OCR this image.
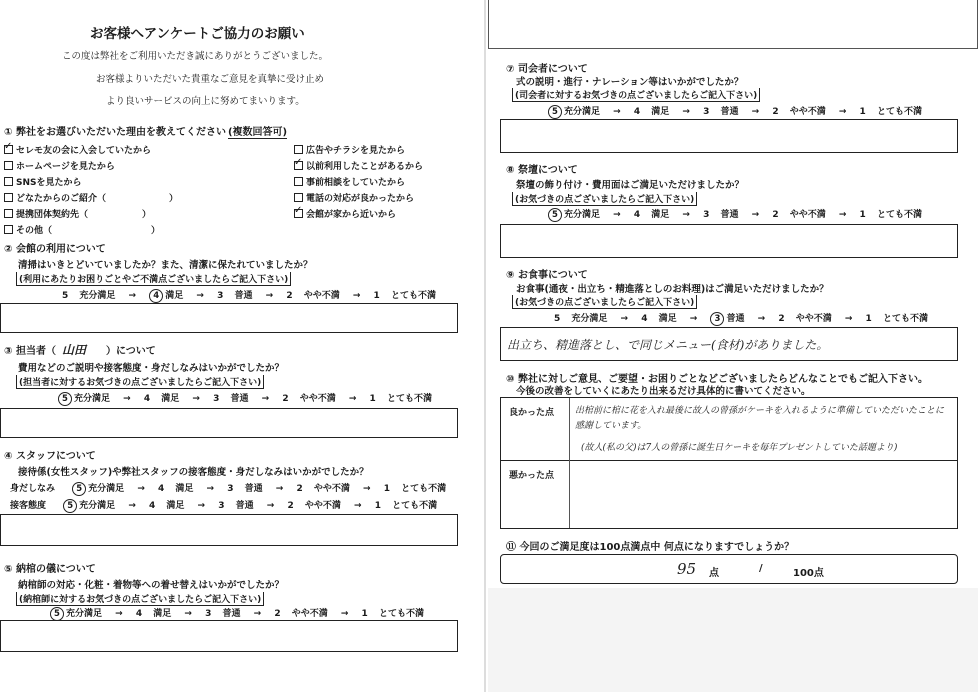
お客様へアンケートご協力のお願い
この度は弊社をご利用いただき誠にありがとうございました。
お客様よりいただいた貴重なご意見を真摯に受け止め
より良いサービスの向上に努めてまいります。
① 弊社をお選びいただいた理由を教えてください (複数回答可)
✓セレモ友の会に入会していたから
ホームページを見たから
SNSを見たから
どなたからのご紹介（　　　　　　　）
提携団体契約先（　　　　　　）
その他（　　　　　　　　　　　）
広告やチラシを見たから
✓以前利用したことがあるから
事前相談をしていたから
電話の対応が良かったから
✓会館が家から近いから
② 会館の利用について
清掃はいきとどいていましたか？また、清潔に保たれていましたか？
(利用にあたりお困りごとやご不満点ございましたらご記入下さい)
5 充分満足 → 4 満足 → 3 普通 → 2 やや不満 → 1 とても不満
③ 担当者（ 山田 ）について
費用などのご説明や接客態度・身だしなみはいかがでしたか？
(担当者に対するお気づきの点ございましたらご記入下さい)
5 充分満足 → 4 満足 → 3 普通 → 2 やや不満 → 1 とても不満
④ スタッフについて
接待係(女性スタッフ)や弊社スタッフの接客態度・身だしなみはいかがでしたか？
身だしなみ 5 充分満足 → 4 満足 → 3 普通 → 2 やや不満 → 1 とても不満
接客態度 5 充分満足 → 4 満足 → 3 普通 → 2 やや不満 → 1 とても不満
⑤ 納棺の儀について
納棺師の対応・化粧・着物等への着せ替えはいかがでしたか？
(納棺師に対するお気づきの点ございましたらご記入下さい)
5 充分満足 → 4 満足 → 3 普通 → 2 やや不満 → 1 とても不満
⑦ 司会者について
式の説明・進行・ナレーション等はいかがでしたか？
(司会者に対するお気づきの点ございましたらご記入下さい)
5 充分満足 → 4 満足 → 3 普通 → 2 やや不満 → 1 とても不満
⑧ 祭壇について
祭壇の飾り付け・費用面はご満足いただけましたか？
(お気づきの点ございましたらご記入下さい)
5 充分満足 → 4 満足 → 3 普通 → 2 やや不満 → 1 とても不満
⑨ お食事について
お食事(通夜・出立ち・精進落としのお料理)はご満足いただけましたか？
(お気づきの点ございましたらご記入下さい)
5 充分満足 → 4 満足 → 3 普通 → 2 やや不満 → 1 とても不満
出立ち、精進落とし、で同じメニュー(食材)がありました。
⑩ 弊社に対しご意見、ご要望・お困りごとなどございましたらどんなことでもご記入下さい。
今後の改善をしていくにあたり出来るだけ具体的に書いてください。
良かった点
悪かった点
出棺前に棺に花を入れ最後に故人の曾孫がケーキを入れるように準備していただいたことに
感謝しています。
(故人(私の父)は7人の曾孫に誕生日ケーキを毎年プレゼントしていた話題より)
⑪ 今回のご満足度は100点満点中 何点になりますでしょうか？
95 点	/	100点
